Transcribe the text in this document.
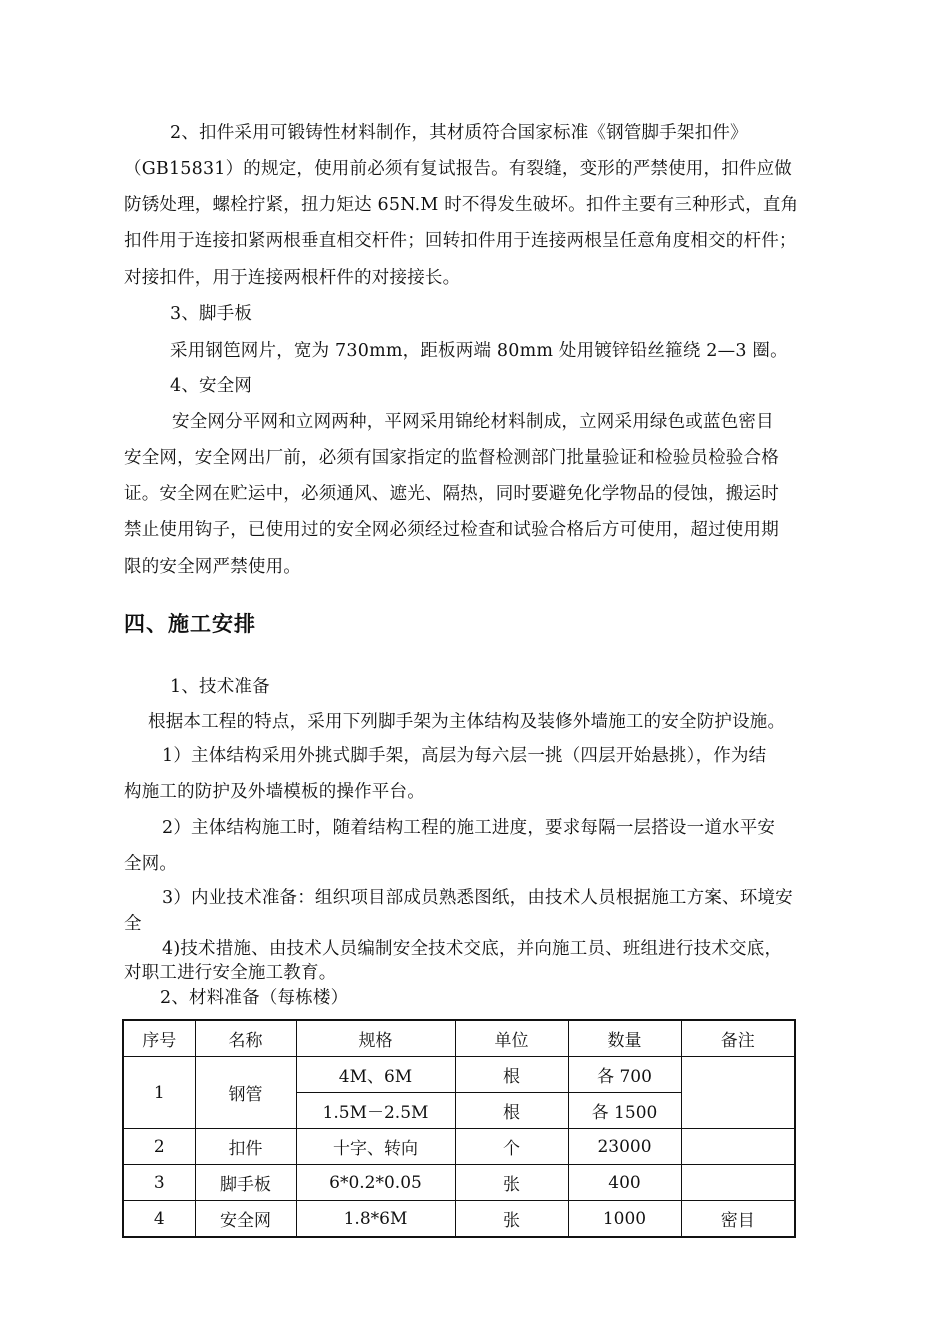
2、扣件采用可锻铸性材料制作，其材质符合国家标准《钢管脚手架扣件》
（GB15831）的规定，使用前必须有复试报告。有裂缝，变形的严禁使用，扣件应做
防锈处理，螺栓拧紧，扭力矩达 65N.M 时不得发生破坏。扣件主要有三种形式，直角
扣件用于连接扣紧两根垂直相交杆件；回转扣件用于连接两根呈任意角度相交的杆件；
对接扣件，用于连接两根杆件的对接接长。
3、脚手板
采用钢笆网片，宽为 730mm，距板两端 80mm 处用镀锌铅丝箍绕 2—3 圈。
4、安全网
安全网分平网和立网两种，平网采用锦纶材料制成，立网采用绿色或蓝色密目
安全网，安全网出厂前，必须有国家指定的监督检测部门批量验证和检验员检验合格
证。安全网在贮运中，必须通风、遮光、隔热，同时要避免化学物品的侵蚀，搬运时
禁止使用钩子，已使用过的安全网必须经过检查和试验合格后方可使用，超过使用期
限的安全网严禁使用。
四、施工安排
1、技术准备
根据本工程的特点，采用下列脚手架为主体结构及装修外墙施工的安全防护设施。
1）主体结构采用外挑式脚手架，高层为每六层一挑（四层开始悬挑），作为结
构施工的防护及外墙模板的操作平台。
2）主体结构施工时，随着结构工程的施工进度，要求每隔一层搭设一道水平安
全网。
3）内业技术准备：组织项目部成员熟悉图纸，由技术人员根据施工方案、环境安
全
4)技术措施、由技术人员编制安全技术交底，并向施工员、班组进行技术交底，
对职工进行安全施工教育。
2、材料准备（每栋楼）
序号	名称	规格	单位	数量	备注
1	钢管	4M、6M	根	各 700	
		1.5M－2.5M	根	各 1500	
2	扣件	十字、转向	个	23000	
3	脚手板	6*0.2*0.05	张	400	
4	安全网	1.8*6M	张	1000	密目
